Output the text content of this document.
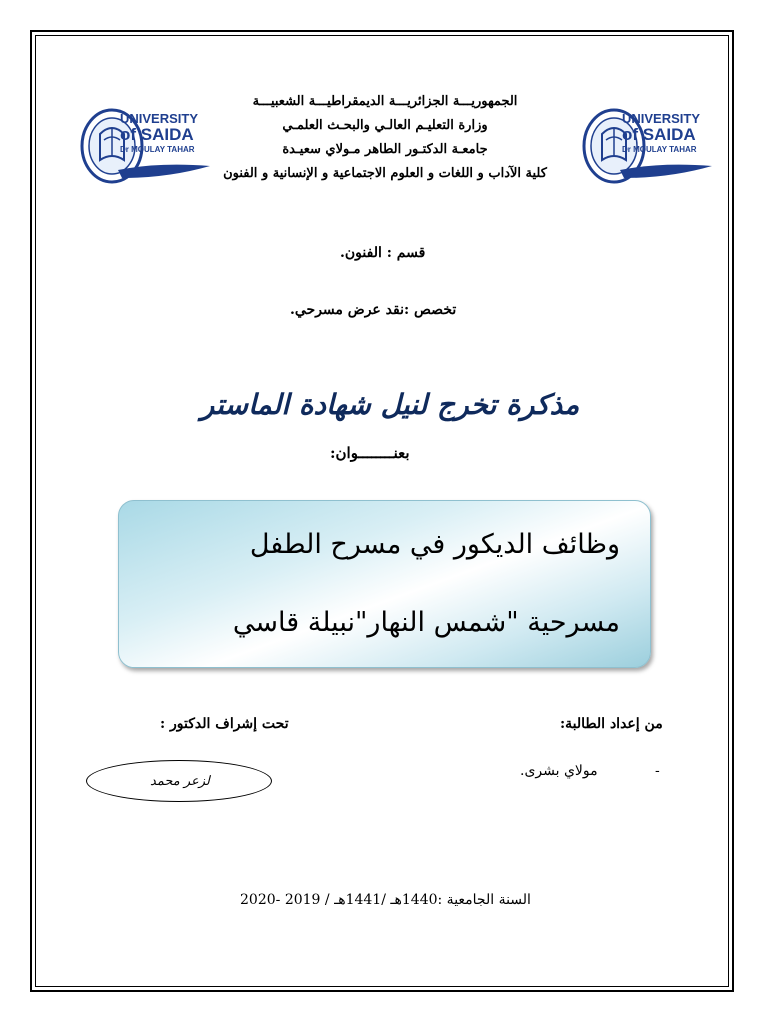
UNIVERSITY
of SAIDA
Dr MOULAY TAHAR
UNIVERSITY
of SAIDA
Dr MOULAY TAHAR
الجمهوريـــة الجزائريـــة الديمقراطيـــة الشعبيـــة
وزارة التعليـم العالـي والبحـث العلمـي
جامعـة الدكتـور الطاهر مـولاي سعيـدة
كلية الآداب و اللغات و العلوم الاجتماعية و الإنسانية و الفنون
قسم : الفنون.
تخصص :نقد عرض مسرحي.
مذكرة تخرج لنيل شهادة الماستر
بعنــــــــوان:
وظائف الديكور في مسرح الطفل
مسرحية "شمس النهار"نبيلة قاسي
من إعداد الطالبة:
تحت إشراف الدكتور :
-
مولاي بشرى.
لزعر محمد
السنة الجامعية :1440هـ /1441هـ / 2019 -2020
